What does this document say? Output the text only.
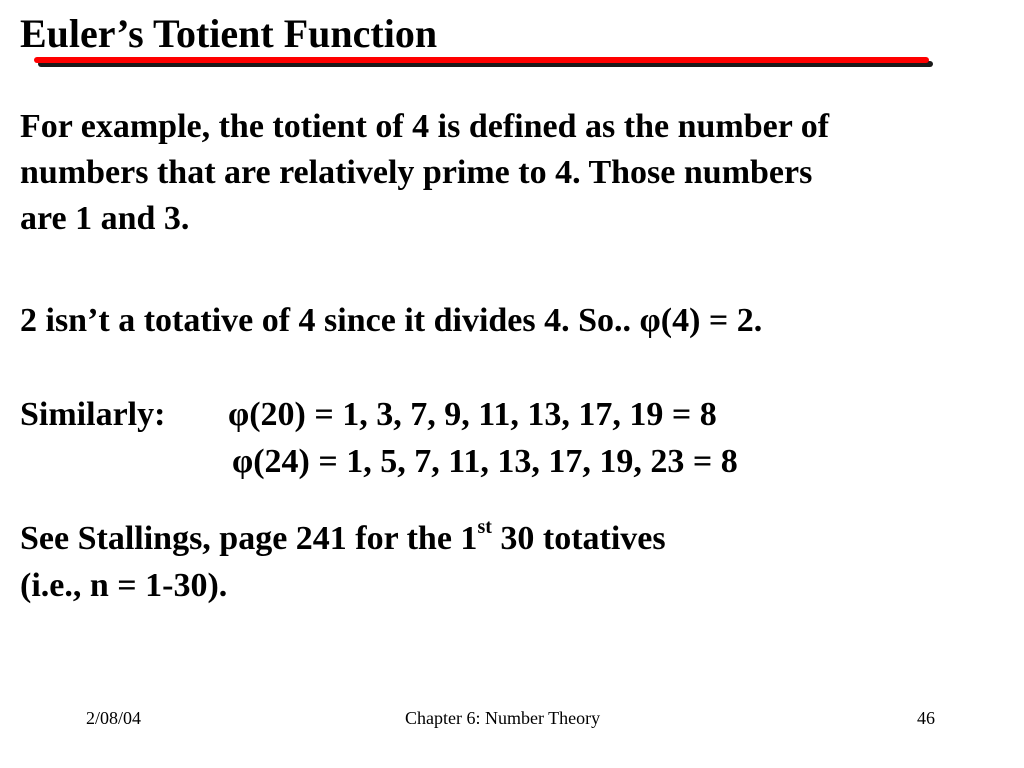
Euler’s Totient Function
For example, the totient of 4 is defined as the number of
numbers that are relatively prime to 4. Those numbers
are 1 and 3.
2 isn’t a totative of 4 since it divides 4. So.. φ(4) = 2.
Similarly: φ(20) = 1, 3, 7, 9, 11, 13, 17, 19 = 8
φ(24) = 1, 5, 7, 11, 13, 17, 19, 23 = 8
See Stallings, page 241 for the 1st 30 totatives
(i.e., n = 1-30).
2/08/04	Chapter 6: Number Theory	46
